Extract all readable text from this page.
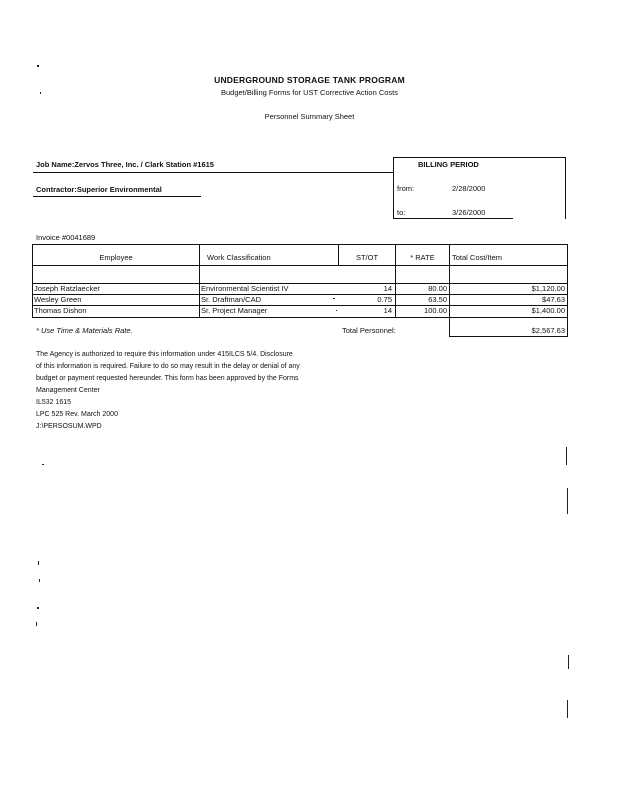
UNDERGROUND STORAGE TANK PROGRAM
Budget/Billing Forms for UST Corrective Action Costs
Personnel Summary Sheet
Job Name:Zervos Three, Inc. / Clark Station #1615
Contractor:Superior Environmental
BILLING PERIOD
from:	2/28/2000
to:	3/26/2000
Invoice #0041689
Employee	Work Classification	ST/OT	* RATE	Total Cost/Item
Joseph Ratzlaecker	Environmental Scientist IV	14	80.00	$1,120.00
Wesley Green	Sr. Draftman/CAD	0.75	63.50	$47.63
Thomas Dishon	Sr. Project Manager	14	100.00	$1,400.00
* Use Time & Materials Rate.	Total Personnel:	$2,567.63
The Agency is authorized to require this information under 415ILCS 5/4. Disclosure
of this information is required. Failure to do so may result in the delay or denial of any
budget or payment requested hereunder. This form has been approved by the Forms
Management Center
IL532 1615
LPC 525 Rev. March 2000
J:\PERSOSUM.WPD
